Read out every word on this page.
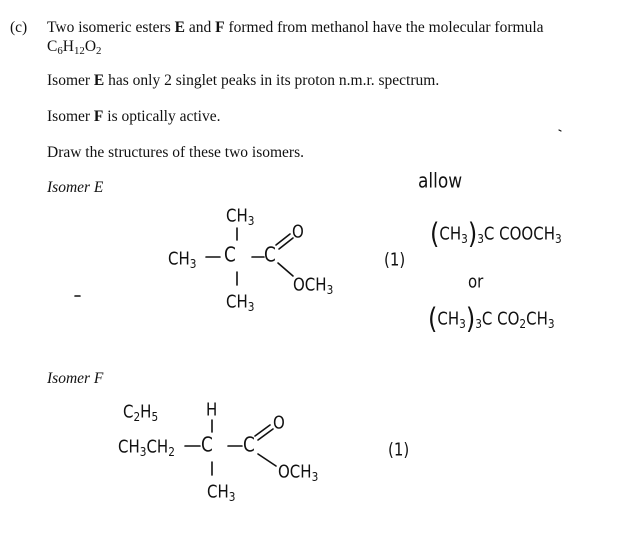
(c) Two isomeric esters E and F formed from methanol have the molecular formula
$C_6H_{12}O_2$
Isomer E has only 2 singlet peaks in its proton n.m.r. spectrum.
Isomer F is optically active.
Draw the structures of these two isomers.
Isomer E
Isomer F
$CH_3$
$CH_3$ C C
O
$OCH_3$
$CH_3$
(1)
allow
$(CH_3)_3C$ $COOCH_3$
or
$(CH_3)_3C$ $CO_2CH_3$
$C_2H_5$	H
$CH_3CH_2$ C C
O
$OCH_3$
$CH_3$
(1)
